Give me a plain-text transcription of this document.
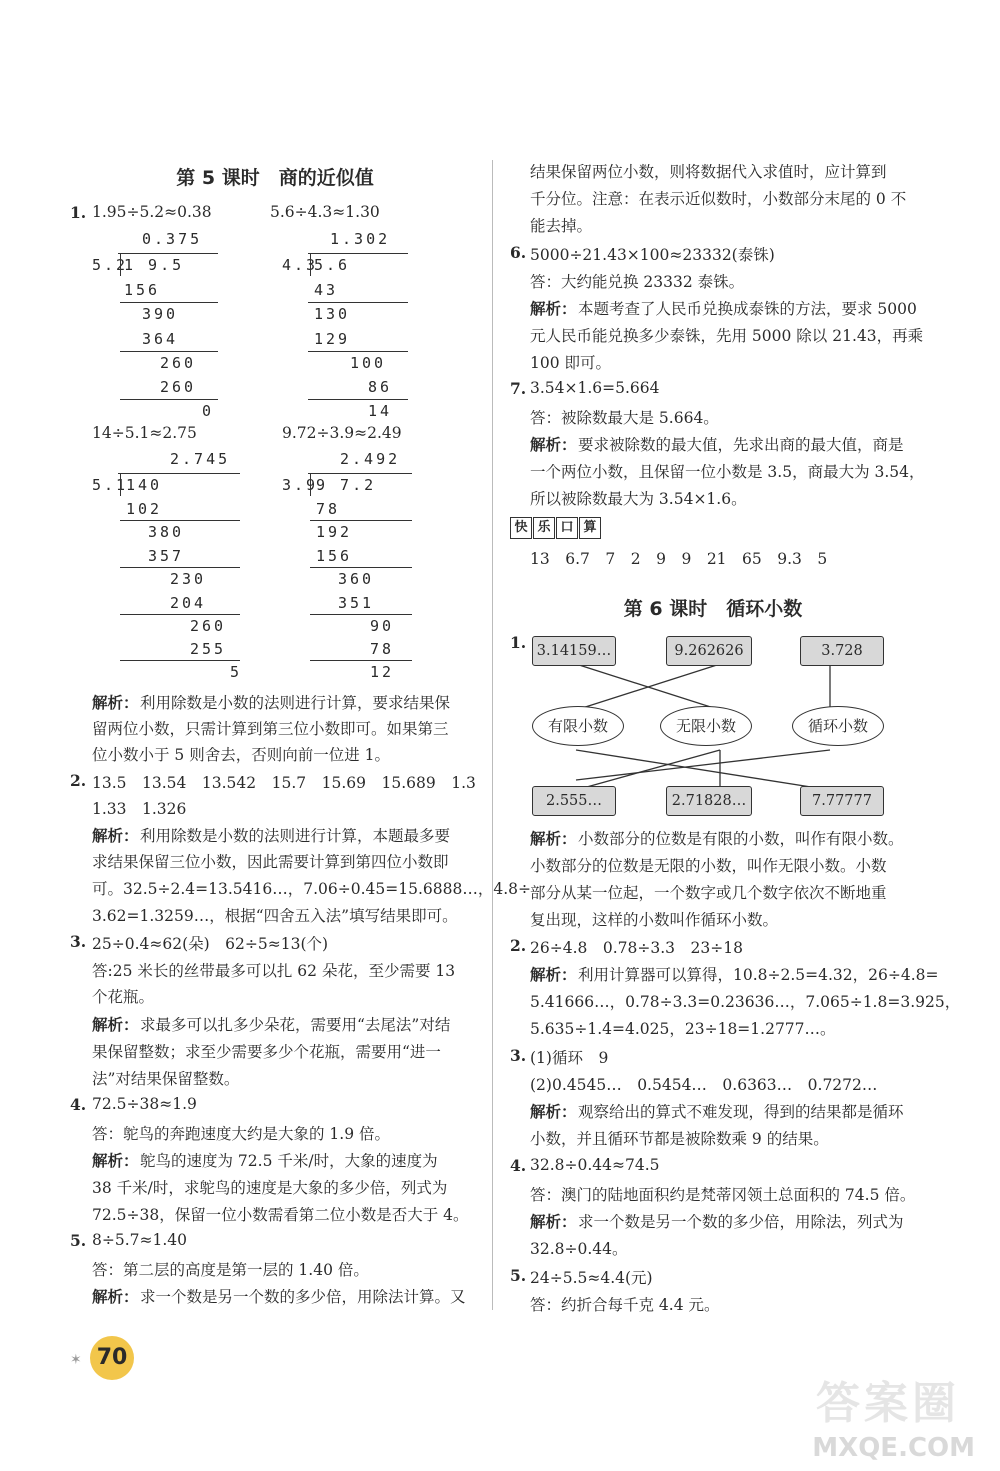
第 5 课时　商的近似值
1. 1.95÷5.2≈0.38	5.6÷4.3≈1.30
0.375
5.2
1 9.5
156
390
364
260
260
0
1.302
4.3
5.6
43
130
129
100
86
14
14÷5.1≈2.75	9.72÷3.9≈2.49
2.745
5.1
140
102
380
357
230
204
260
255
5
2.492
3.9
9 7.2
78
192
156
360
351
90
78
12
解析： 利用除数是小数的法则进行计算，要求结果保
留两位小数，只需计算到第三位小数即可。如果第三
位小数小于 5 则舍去，否则向前一位进 1。
2. 13.5　13.54　13.542　15.7　15.69　15.689　1.3
1.33　1.326
解析： 利用除数是小数的法则进行计算，本题最多要
求结果保留三位小数，因此需要计算到第四位小数即
可。32.5÷2.4=13.5416…，7.06÷0.45=15.6888…，4.8÷
3.62=1.3259…，根据“四舍五入法”填写结果即可。
3. 25÷0.4≈62(朵)　62÷5≈13(个)
答:25 米长的丝带最多可以扎 62 朵花，至少需要 13
个花瓶。
解析： 求最多可以扎多少朵花，需要用“去尾法”对结
果保留整数；求至少需要多少个花瓶，需要用“进一
法”对结果保留整数。
4. 72.5÷38≈1.9
答：鸵鸟的奔跑速度大约是大象的 1.9 倍。
解析： 鸵鸟的速度为 72.5 千米/时，大象的速度为
38 千米/时，求鸵鸟的速度是大象的多少倍，列式为
72.5÷38，保留一位小数需看第二位小数是否大于 4。
5. 8÷5.7≈1.40
答：第二层的高度是第一层的 1.40 倍。
解析： 求一个数是另一个数的多少倍，用除法计算。又
结果保留两位小数，则将数据代入求值时，应计算到
千分位。注意：在表示近似数时，小数部分末尾的 0 不
能去掉。
6. 5000÷21.43×100≈23332(泰铢)
答：大约能兑换 23332 泰铢。
解析： 本题考查了人民币兑换成泰铢的方法，要求 5000
元人民币能兑换多少泰铢，先用 5000 除以 21.43，再乘
100 即可。
7. 3.54×1.6=5.664
答：被除数最大是 5.664。
解析： 要求被除数的最大值，先求出商的最大值，商是
一个两位小数，且保留一位小数是 3.5，商最大为 3.54，
所以被除数最大为 3.54×1.6。
快 乐 口 算
13　6.7　7　2　9　9　21　65　9.3　5
第 6 课时　循环小数
1. 3.14159…	9.262626	3.728
有限小数	无限小数	循环小数
2.555…	2.71828…	7.77777
解析： 小数部分的位数是有限的小数，叫作有限小数。
小数部分的位数是无限的小数，叫作无限小数。小数
部分从某一位起，一个数字或几个数字依次不断地重
复出现，这样的小数叫作循环小数。
2. 26÷4.8　0.78÷3.3　23÷18
解析： 利用计算器可以算得，10.8÷2.5=4.32，26÷4.8=
5.41666…，0.78÷3.3=0.23636…，7.065÷1.8=3.925，
5.635÷1.4=4.025，23÷18=1.2777…。
3. (1)循环　9
(2)0.4545…　0.5454…　0.6363…　0.7272…
解析： 观察给出的算式不难发现，得到的结果都是循环
小数，并且循环节都是被除数乘 9 的结果。
4. 32.8÷0.44≈74.5
答：澳门的陆地面积约是梵蒂冈领土总面积的 74.5 倍。
解析： 求一个数是另一个数的多少倍，用除法，列式为
32.8÷0.44。
5. 24÷5.5≈4.4(元)
答：约折合每千克 4.4 元。
70
✶
答案圈
MXQE.COM
